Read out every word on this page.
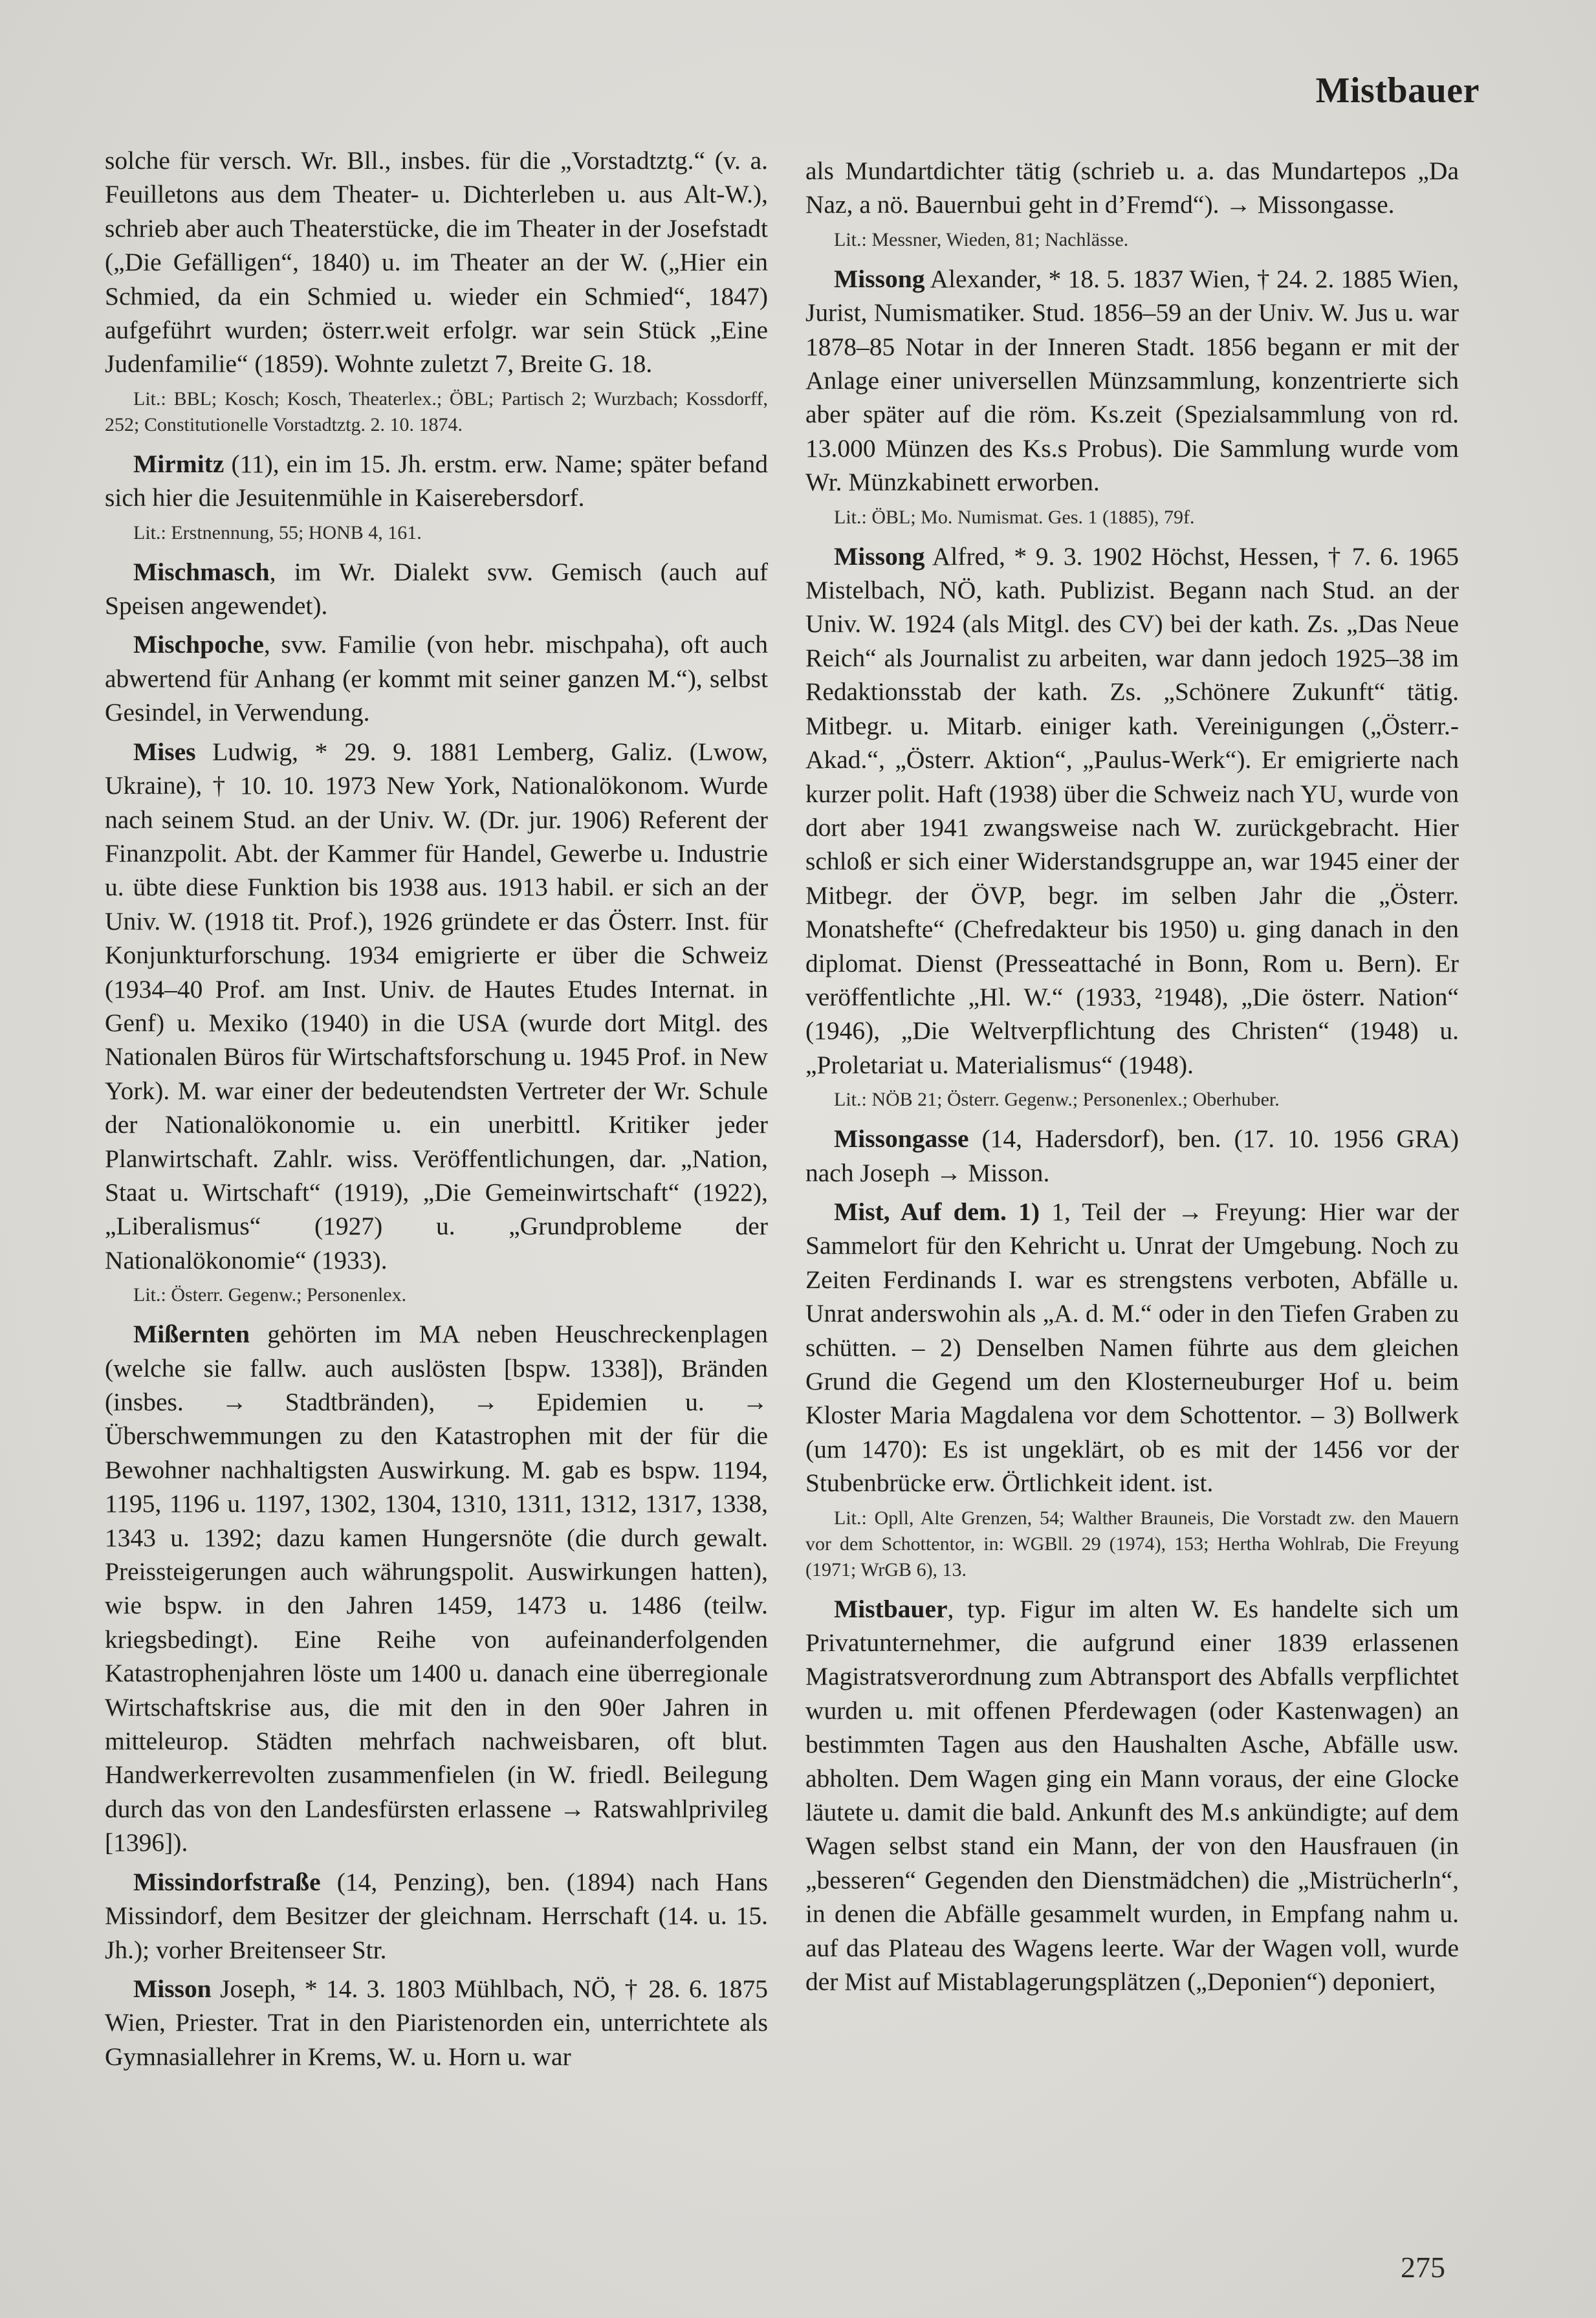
Mistbauer

solche für versch. Wr. Bll., insbes. für die „Vorstadtztg.“ (v. a. Feuilletons aus dem Theater- u. Dichterleben u. aus Alt-W.), schrieb aber auch Theaterstücke, die im Theater in der Josefstadt („Die Gefälligen“, 1840) u. im Theater an der W. („Hier ein Schmied, da ein Schmied u. wieder ein Schmied“, 1847) aufgeführt wurden; österr.weit erfolgr. war sein Stück „Eine Judenfamilie“ (1859). Wohnte zuletzt 7, Breite G. 18.

Lit.: BBL; Kosch; Kosch, Theaterlex.; ÖBL; Partisch 2; Wurzbach; Kossdorff, 252; Constitutionelle Vorstadtztg. 2. 10. 1874.

Mirmitz (11), ein im 15. Jh. erstm. erw. Name; später befand sich hier die Jesuitenmühle in Kaiserebersdorf.

Lit.: Erstnennung, 55; HONB 4, 161.

Mischmasch, im Wr. Dialekt svw. Gemisch (auch auf Speisen angewendet).

Mischpoche, svw. Familie (von hebr. mischpaha), oft auch abwertend für Anhang (er kommt mit seiner ganzen M.“), selbst Gesindel, in Verwendung.

Mises Ludwig, * 29. 9. 1881 Lemberg, Galiz. (Lwow, Ukraine), † 10. 10. 1973 New York, Nationalökonom. Wurde nach seinem Stud. an der Univ. W. (Dr. jur. 1906) Referent der Finanzpolit. Abt. der Kammer für Handel, Gewerbe u. Industrie u. übte diese Funktion bis 1938 aus. 1913 habil. er sich an der Univ. W. (1918 tit. Prof.), 1926 gründete er das Österr. Inst. für Konjunkturforschung. 1934 emigrierte er über die Schweiz (1934–40 Prof. am Inst. Univ. de Hautes Etudes Internat. in Genf) u. Mexiko (1940) in die USA (wurde dort Mitgl. des Nationalen Büros für Wirtschaftsforschung u. 1945 Prof. in New York). M. war einer der bedeutendsten Vertreter der Wr. Schule der Nationalökonomie u. ein unerbittl. Kritiker jeder Planwirtschaft. Zahlr. wiss. Veröffentlichungen, dar. „Nation, Staat u. Wirtschaft“ (1919), „Die Gemeinwirtschaft“ (1922), „Liberalismus“ (1927) u. „Grundprobleme der Nationalökonomie“ (1933).

Lit.: Österr. Gegenw.; Personenlex.

Mißernten gehörten im MA neben Heuschreckenplagen (welche sie fallw. auch auslösten [bspw. 1338]), Bränden (insbes. → Stadtbränden), → Epidemien u. → Überschwemmungen zu den Katastrophen mit der für die Bewohner nachhaltigsten Auswirkung. M. gab es bspw. 1194, 1195, 1196 u. 1197, 1302, 1304, 1310, 1311, 1312, 1317, 1338, 1343 u. 1392; dazu kamen Hungersnöte (die durch gewalt. Preissteigerungen auch währungspolit. Auswirkungen hatten), wie bspw. in den Jahren 1459, 1473 u. 1486 (teilw. kriegsbedingt). Eine Reihe von aufeinanderfolgenden Katastrophenjahren löste um 1400 u. danach eine überregionale Wirtschaftskrise aus, die mit den in den 90er Jahren in mitteleurop. Städten mehrfach nachweisbaren, oft blut. Handwerkerrevolten zusammenfielen (in W. friedl. Beilegung durch das von den Landesfürsten erlassene → Ratswahlprivileg [1396]).

Missindorfstraße (14, Penzing), ben. (1894) nach Hans Missindorf, dem Besitzer der gleichnam. Herrschaft (14. u. 15. Jh.); vorher Breitenseer Str.

Misson Joseph, * 14. 3. 1803 Mühlbach, NÖ, † 28. 6. 1875 Wien, Priester. Trat in den Piaristenorden ein, unterrichtete als Gymnasiallehrer in Krems, W. u. Horn u. war

als Mundartdichter tätig (schrieb u. a. das Mundartepos „Da Naz, a nö. Bauernbui geht in d’Fremd“). → Missongasse.

Lit.: Messner, Wieden, 81; Nachlässe.

Missong Alexander, * 18. 5. 1837 Wien, † 24. 2. 1885 Wien, Jurist, Numismatiker. Stud. 1856–59 an der Univ. W. Jus u. war 1878–85 Notar in der Inneren Stadt. 1856 begann er mit der Anlage einer universellen Münzsammlung, konzentrierte sich aber später auf die röm. Ks.zeit (Spezialsammlung von rd. 13.000 Münzen des Ks.s Probus). Die Sammlung wurde vom Wr. Münzkabinett erworben.

Lit.: ÖBL; Mo. Numismat. Ges. 1 (1885), 79f.

Missong Alfred, * 9. 3. 1902 Höchst, Hessen, † 7. 6. 1965 Mistelbach, NÖ, kath. Publizist. Begann nach Stud. an der Univ. W. 1924 (als Mitgl. des CV) bei der kath. Zs. „Das Neue Reich“ als Journalist zu arbeiten, war dann jedoch 1925–38 im Redaktionsstab der kath. Zs. „Schönere Zukunft“ tätig. Mitbegr. u. Mitarb. einiger kath. Vereinigungen („Österr.-Akad.“, „Österr. Aktion“, „Paulus-Werk“). Er emigrierte nach kurzer polit. Haft (1938) über die Schweiz nach YU, wurde von dort aber 1941 zwangsweise nach W. zurückgebracht. Hier schloß er sich einer Widerstandsgruppe an, war 1945 einer der Mitbegr. der ÖVP, begr. im selben Jahr die „Österr. Monatshefte“ (Chefredakteur bis 1950) u. ging danach in den diplomat. Dienst (Presseattaché in Bonn, Rom u. Bern). Er veröffentlichte „Hl. W.“ (1933, ²1948), „Die österr. Nation“ (1946), „Die Weltverpflichtung des Christen“ (1948) u. „Proletariat u. Materialismus“ (1948).

Lit.: NÖB 21; Österr. Gegenw.; Personenlex.; Oberhuber.

Missongasse (14, Hadersdorf), ben. (17. 10. 1956 GRA) nach Joseph → Misson.

Mist, Auf dem. 1) 1, Teil der → Freyung: Hier war der Sammelort für den Kehricht u. Unrat der Umgebung. Noch zu Zeiten Ferdinands I. war es strengstens verboten, Abfälle u. Unrat anderswohin als „A. d. M.“ oder in den Tiefen Graben zu schütten. – 2) Denselben Namen führte aus dem gleichen Grund die Gegend um den Klosterneuburger Hof u. beim Kloster Maria Magdalena vor dem Schottentor. – 3) Bollwerk (um 1470): Es ist ungeklärt, ob es mit der 1456 vor der Stubenbrücke erw. Örtlichkeit ident. ist.

Lit.: Opll, Alte Grenzen, 54; Walther Brauneis, Die Vorstadt zw. den Mauern vor dem Schottentor, in: WGBll. 29 (1974), 153; Hertha Wohlrab, Die Freyung (1971; WrGB 6), 13.

Mistbauer, typ. Figur im alten W. Es handelte sich um Privatunternehmer, die aufgrund einer 1839 erlassenen Magistratsverordnung zum Abtransport des Abfalls verpflichtet wurden u. mit offenen Pferdewagen (oder Kastenwagen) an bestimmten Tagen aus den Haushalten Asche, Abfälle usw. abholten. Dem Wagen ging ein Mann voraus, der eine Glocke läutete u. damit die bald. Ankunft des M.s ankündigte; auf dem Wagen selbst stand ein Mann, der von den Hausfrauen (in „besseren“ Gegenden den Dienstmädchen) die „Mistrücherln“, in denen die Abfälle gesammelt wurden, in Empfang nahm u. auf das Plateau des Wagens leerte. War der Wagen voll, wurde der Mist auf Mistablagerungsplätzen („Deponien“) deponiert,

275
